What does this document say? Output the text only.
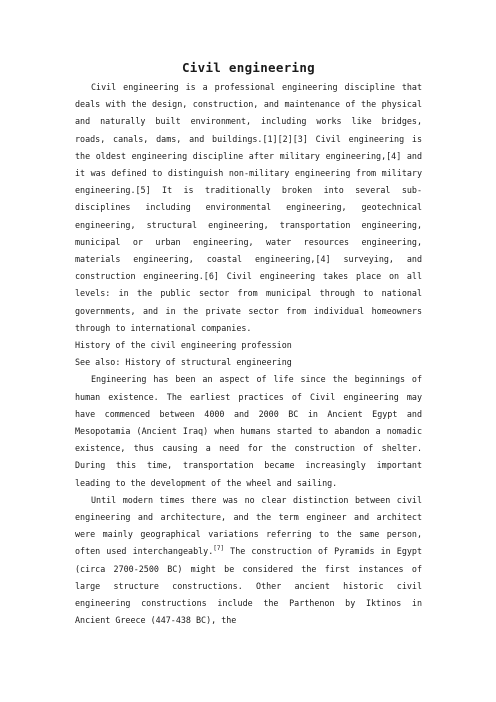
Civil engineering

Civil engineering is a professional engineering discipline that deals with the design, construction, and maintenance of the physical and naturally built environment, including works like bridges, roads, canals, dams, and buildings.[1][2][3] Civil engineering is the oldest engineering discipline after military engineering,[4] and it was defined to distinguish non-military engineering from military engineering.[5] It is traditionally broken into several sub-disciplines including environmental engineering, geotechnical engineering, structural engineering, transportation engineering, municipal or urban engineering, water resources engineering, materials engineering, coastal engineering,[4] surveying, and construction engineering.[6] Civil engineering takes place on all levels: in the public sector from municipal through to national governments, and in the private sector from individual homeowners through to international companies.

History of the civil engineering profession

See also: History of structural engineering

Engineering has been an aspect of life since the beginnings of human existence. The earliest practices of Civil engineering may have commenced between 4000 and 2000 BC in Ancient Egypt and Mesopotamia (Ancient Iraq) when humans started to abandon a nomadic existence, thus causing a need for the construction of shelter. During this time, transportation became increasingly important leading to the development of the wheel and sailing.

Until modern times there was no clear distinction between civil engineering and architecture, and the term engineer and architect were mainly geographical variations referring to the same person, often used interchangeably.[7] The construction of Pyramids in Egypt (circa 2700-2500 BC) might be considered the first instances of large structure constructions. Other ancient historic civil engineering constructions include the Parthenon by Iktinos in Ancient Greece (447-438 BC), the
